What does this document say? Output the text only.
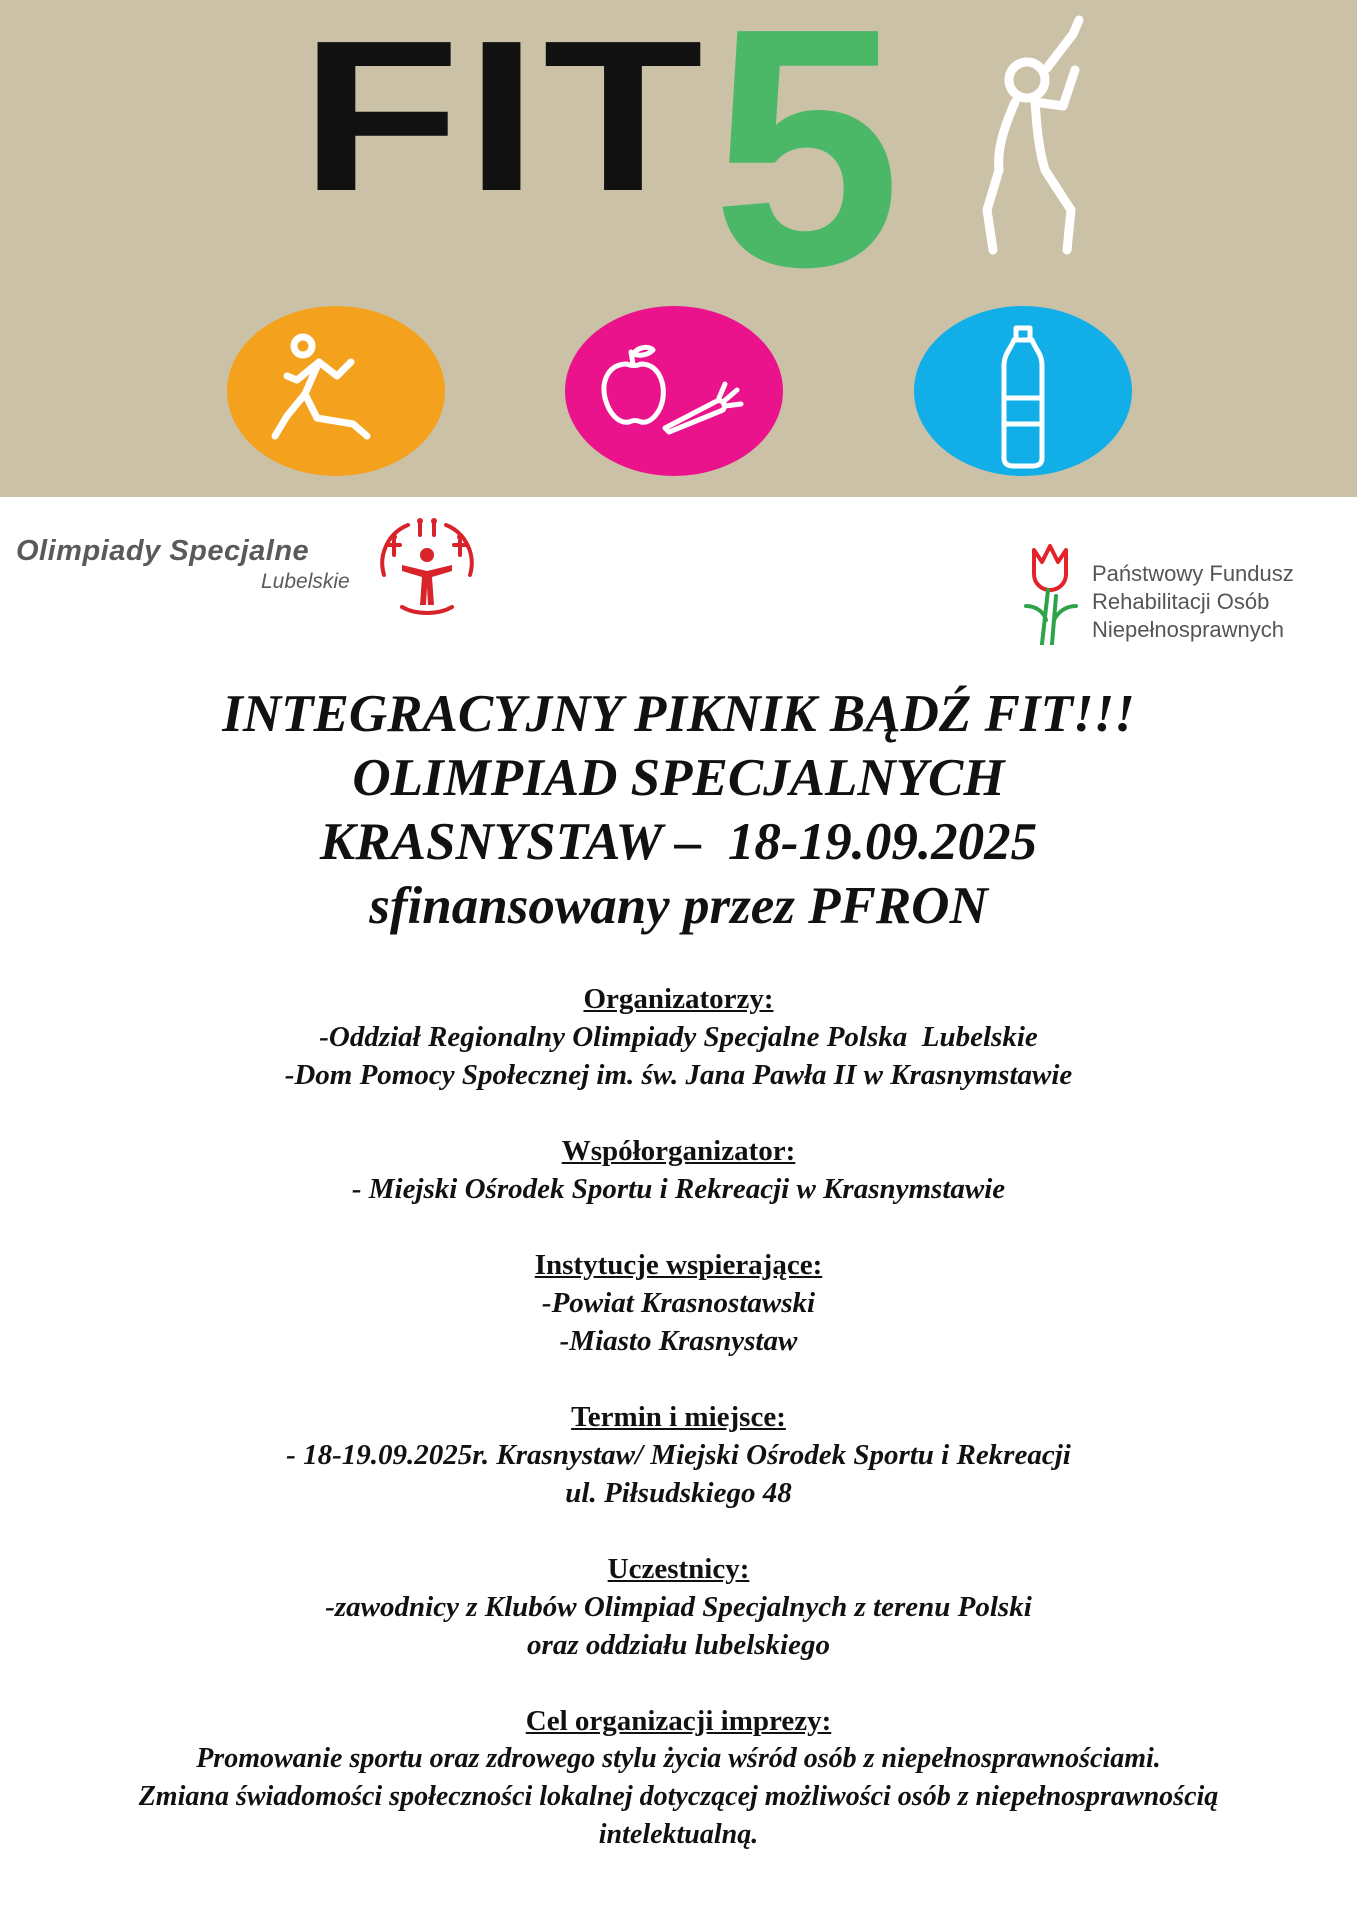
FIT 5
Olimpiady Specjalne
Lubelskie	Państwowy Fundusz
Rehabilitacji Osób
Niepełnosprawnych
INTEGRACYJNY PIKNIK BĄDŹ FIT!!!
OLIMPIAD SPECJALNYCH
KRASNYSTAW –  18-19.09.2025
sfinansowany przez PFRON
Organizatorzy:
-Oddział Regionalny Olimpiady Specjalne Polska  Lubelskie
-Dom Pomocy Społecznej im. św. Jana Pawła II w Krasnymstawie
Współorganizator:
- Miejski Ośrodek Sportu i Rekreacji w Krasnymstawie
Instytucje wspierające:
-Powiat Krasnostawski
-Miasto Krasnystaw
Termin i miejsce:
- 18-19.09.2025r. Krasnystaw/ Miejski Ośrodek Sportu i Rekreacji
ul. Piłsudskiego 48
Uczestnicy:
-zawodnicy z Klubów Olimpiad Specjalnych z terenu Polski
oraz oddziału lubelskiego
Cel organizacji imprezy:
Promowanie sportu oraz zdrowego stylu życia wśród osób z niepełnosprawnościami.
Zmiana świadomości społeczności lokalnej dotyczącej możliwości osób z niepełnosprawnością
intelektualną.
